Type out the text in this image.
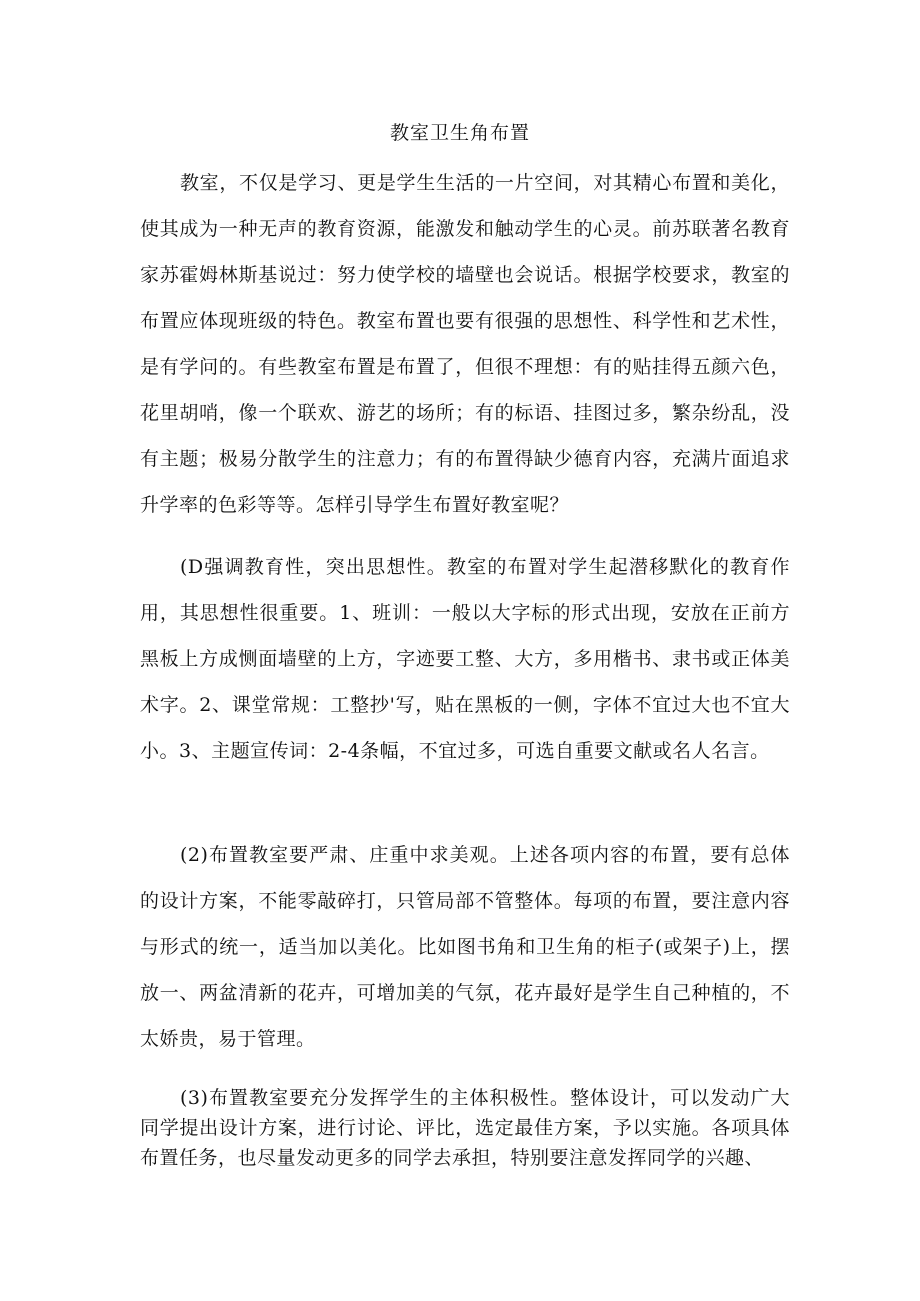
教室卫生角布置

教室，不仅是学习、更是学生生活的一片空间，对其精心布置和美化，使其成为一种无声的教育资源，能激发和触动学生的心灵。前苏联著名教育家苏霍姆林斯基说过：努力使学校的墙壁也会说话。根据学校要求，教室的布置应体现班级的特色。教室布置也要有很强的思想性、科学性和艺术性，是有学问的。有些教室布置是布置了，但很不理想：有的贴挂得五颜六色，花里胡哨，像一个联欢、游艺的场所；有的标语、挂图过多，繁杂纷乱，没有主题；极易分散学生的注意力；有的布置得缺少德育内容，充满片面追求升学率的色彩等等。怎样引导学生布置好教室呢？

(D强调教育性，突出思想性。教室的布置对学生起潜移默化的教育作用，其思想性很重要。1、班训：一般以大字标的形式出现，安放在正前方黑板上方成恻面墙壁的上方，字迹要工整、大方，多用楷书、隶书或正体美术字。2、课堂常规：工整抄'写，贴在黑板的一侧，字体不宜过大也不宜大小。3、主题宣传词：2-4条幅，不宜过多，可选自重要文献或名人名言。

(2)布置教室要严肃、庄重中求美观。上述各项内容的布置，要有总体的设计方案，不能零敲碎打，只管局部不管整体。每项的布置，要注意内容与形式的统一，适当加以美化。比如图书角和卫生角的柜子(或架子)上，摆放一、两盆清新的花卉，可增加美的气氛，花卉最好是学生自己种植的，不太娇贵，易于管理。

(3)布置教室要充分发挥学生的主体积极性。整体设计，可以发动广大同学提出设计方案，进行讨论、评比，选定最佳方案，予以实施。各项具体布置任务，也尽量发动更多的同学去承担，特别要注意发挥同学的兴趣、
